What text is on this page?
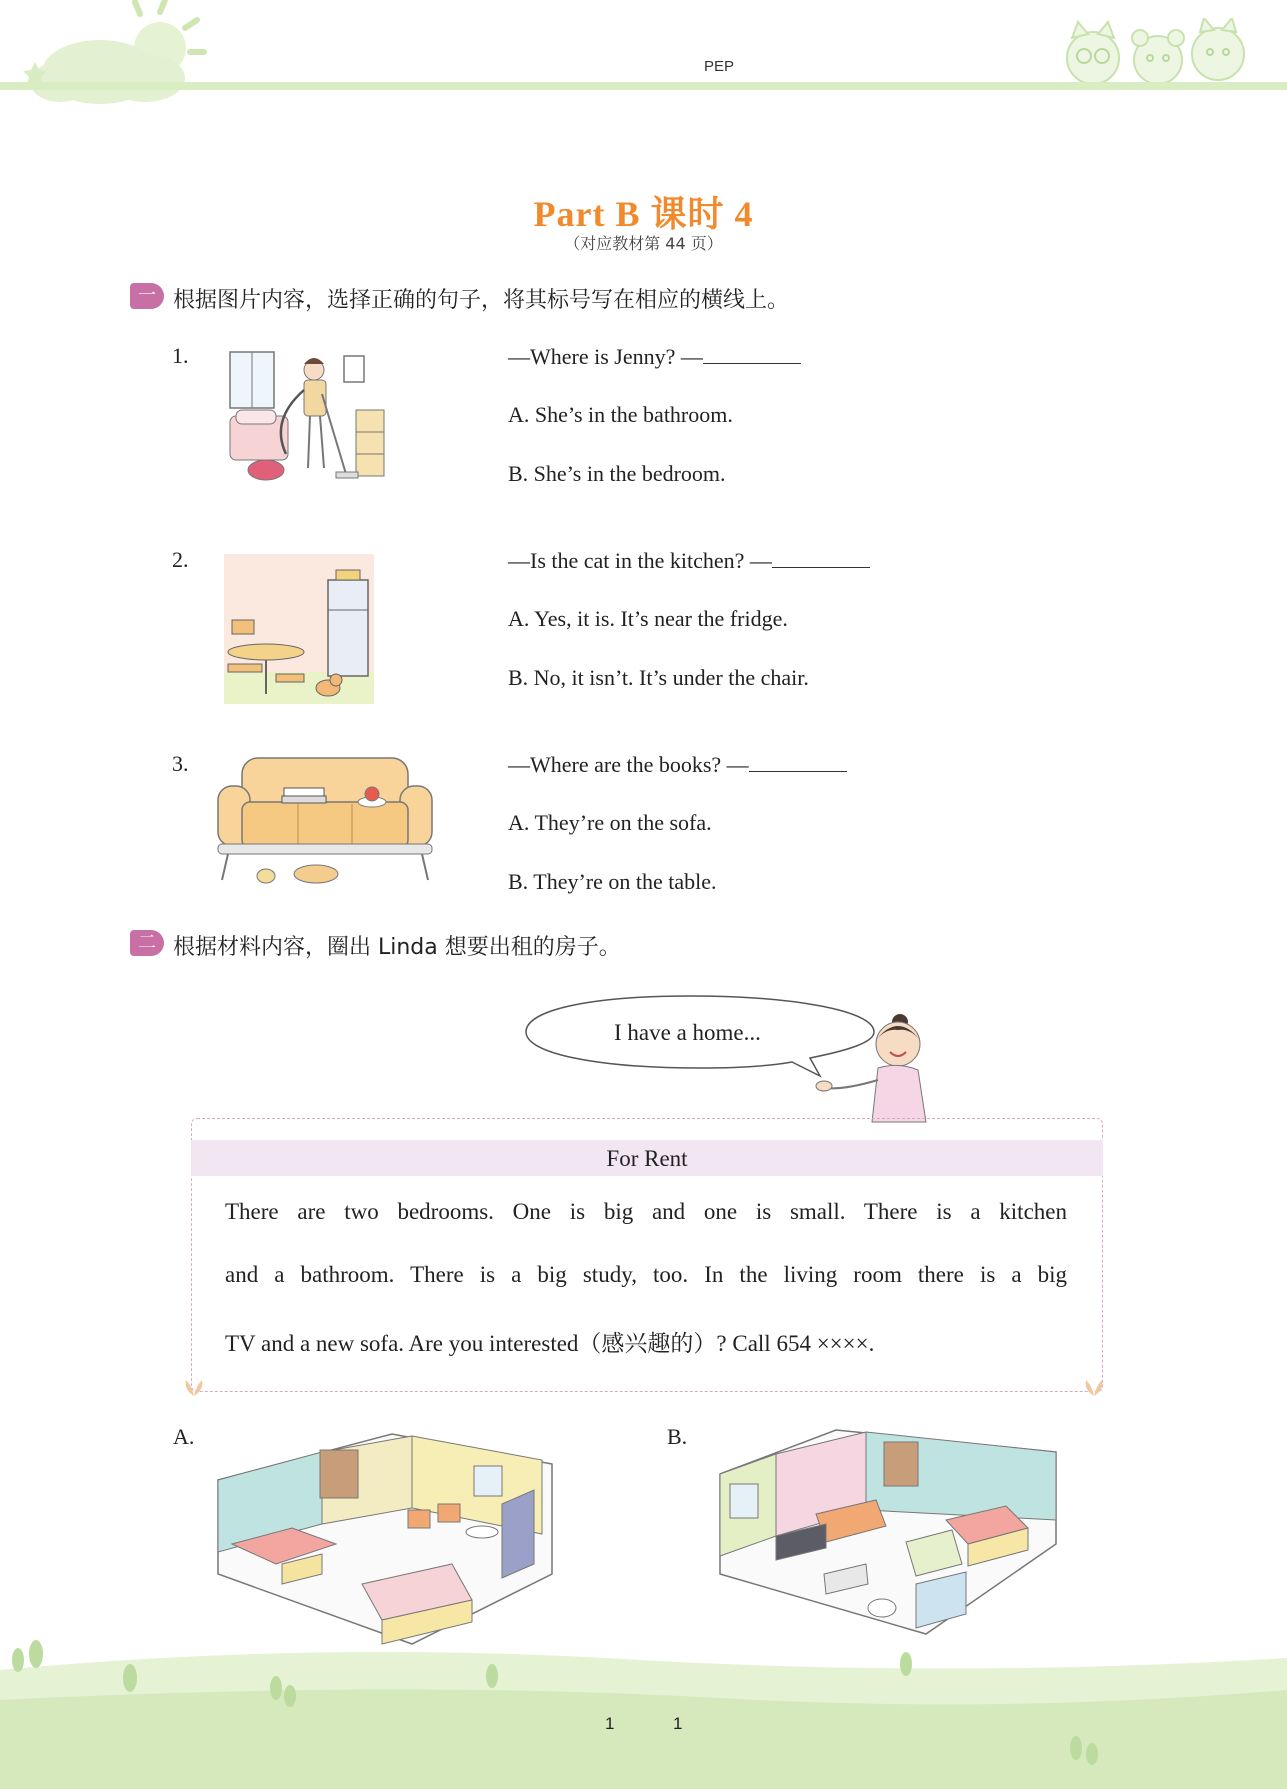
PEP
Part B 课时 4
（对应教材第 44 页）
一 根据图片内容，选择正确的句子，将其标号写在相应的横线上。
1.	—Where is Jenny? —
A. She’s in the bathroom.
B. She’s in the bedroom.
2.	—Is the cat in the kitchen? —
A. Yes, it is. It’s near the fridge.
B. No, it isn’t. It’s under the chair.
3.	—Where are the books? —
A. They’re on the sofa.
B. They’re on the table.
二 根据材料内容，圈出 Linda 想要出租的房子。
I have a home...
For Rent
There are two bedrooms. One is big and one is small. There is a kitchen
and a bathroom. There is a big study, too. In the living room there is a big
TV and a new sofa. Are you interested（感兴趣的）? Call 654 ××××.
A.	B.
1	1
